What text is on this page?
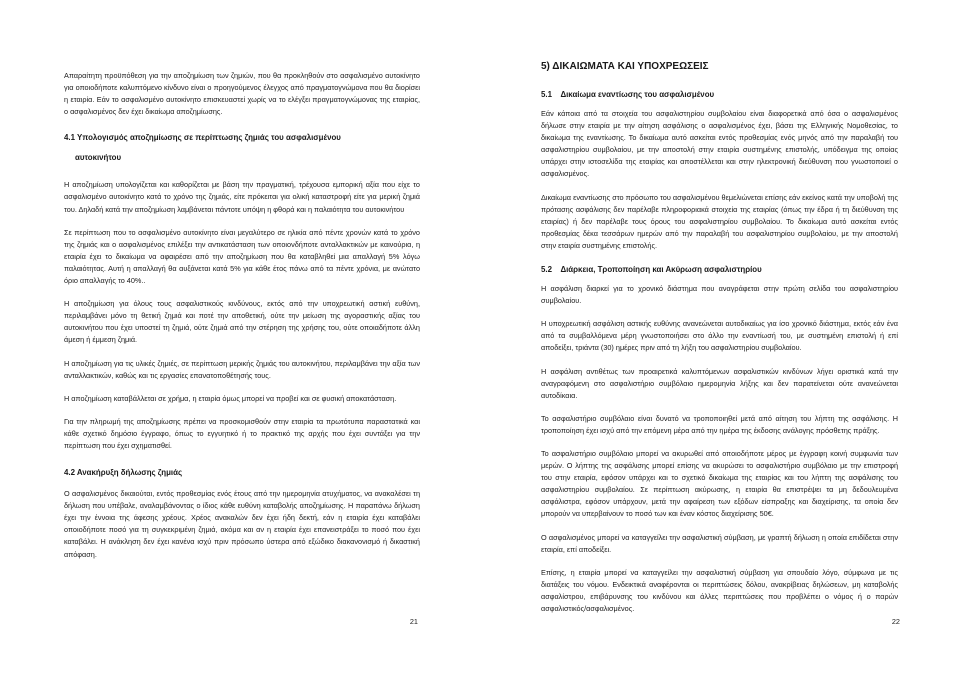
Απαραίτητη προϋπόθεση για την αποζημίωση των ζημιών, που θα προκληθούν στο ασφαλισμένο αυτοκίνητο για οποιοδήποτε καλυπτόμενο κίνδυνο είναι ο προηγούμενος έλεγχος από πραγματογνώμονα που θα διορίσει η εταιρία. Εάν το ασφαλισμένο αυτοκίνητο επισκευαστεί χωρίς να το ελέγξει πραγματογνώμονας της εταιρίας, ο ασφαλισμένος δεν έχει δικαίωμα αποζημίωσης.

4.1 Υπολογισμός αποζημίωσης σε περίπτωσης ζημιάς του ασφαλισμένου
αυτοκινήτου

Η αποζημίωση υπολογίζεται και καθορίζεται με βάση την πραγματική, τρέχουσα εμπορική αξία που είχε το ασφαλισμένο αυτοκίνητο κατά το χρόνο της ζημιάς, είτε πρόκειται για ολική καταστροφή είτε για μερική ζημιά του. Δηλαδή κατά την αποζημίωση λαμβάνεται πάντοτε υπόψη η φθορά και η παλαιότητα του αυτοκινήτου

Σε περίπτωση που το ασφαλισμένο αυτοκίνητο είναι μεγαλύτερο σε ηλικία από πέντε χρονών κατά το χρόνο της ζημιάς και ο ασφαλισμένος επιλέξει την αντικατάσταση των οποιονδήποτε ανταλλακτικών με καινούρια, η εταιρία έχει το δικαίωμα να αφαιρέσει από την αποζημίωση που θα καταβληθεί μια απαλλαγή 5% λόγω παλαιότητας. Αυτή η απαλλαγή θα αυξάνεται κατά 5% για κάθε έτος πάνω από τα πέντε χρόνια, με ανώτατο όριο απαλλαγής το 40%..

Η αποζημίωση για όλους τους ασφαλιστικούς κινδύνους, εκτός από την υποχρεωτική αστική ευθύνη, περιλαμβάνει μόνο τη θετική ζημιά και ποτέ την αποθετική, ούτε την μείωση της αγοραστικής αξίας του αυτοκινήτου που έχει υποστεί τη ζημιά, ούτε ζημιά από την στέρηση της χρήσης του, ούτε οποιαδήποτε άλλη άμεση ή έμμεση ζημιά.

Η αποζημίωση για τις υλικές ζημιές, σε περίπτωση μερικής ζημιάς του αυτοκινήτου, περιλαμβάνει την αξία των ανταλλακτικών, καθώς και τις εργασίες επανατοποθέτησής τους.

Η αποζημίωση καταβάλλεται σε χρήμα, η εταιρία όμως μπορεί να προβεί και σε φυσική αποκατάσταση.

Για την πληρωμή της αποζημίωσης πρέπει να προσκομισθούν στην εταιρία τα πρωτότυπα παραστατικά και κάθε σχετικό δημόσιο έγγραφο, όπως το εγγυητικό ή το πρακτικό της αρχής που έχει συντάξει για την περίπτωση που έχει σχηματισθεί.

4.2 Ανακήρυξη δήλωσης ζημιάς

Ο ασφαλισμένος δικαιούται, εντός προθεσμίας ενός έτους από την ημερομηνία ατυχήματος, να ανακαλέσει τη δήλωση που υπέβαλε, αναλαμβάνοντας ο ίδιος κάθε ευθύνη καταβολής αποζημίωσης. Η παραπάνω δήλωση έχει την έννοια της άφεσης χρέους. Χρέος ανακαλών δεν έχει ήδη δεκτή, εάν η εταιρία έχει καταβάλει οποιοδήποτε ποσό για τη συγκεκριμένη ζημιά, ακόμα και αν η εταιρία έχει επανειστράξει το ποσό που έχει καταβάλει. Η ανάκληση δεν έχει κανένα ισχύ πριν πρόσωπο ύστερα από εξώδικο διακανονισμό ή δικαστική απόφαση.

21
5) ΔΙΚΑΙΩΜΑΤΑ ΚΑΙ ΥΠΟΧΡΕΩΣΕΙΣ
5.1    Δικαίωμα εναντίωσης του ασφαλισμένου

Εάν κάποια από τα στοιχεία του ασφαλιστηρίου συμβολαίου είναι διαφορετικά από όσα ο ασφαλισμένος δήλωσε στην εταιρία με την αίτηση ασφάλισης ο ασφαλισμένος έχει, βάσει της Ελληνικής Νομοθεσίας, το δικαίωμα της εναντίωσης. Το δικαίωμα αυτό ασκείται εντός προθεσμίας ενός μηνός από την παραλαβή του ασφαλιστηρίου συμβολαίου, με την αποστολή στην εταιρία συστημένης επιστολής, υπόδειγμα της οποίας υπάρχει στην ιστοσελίδα της εταιρίας και αποστέλλεται και στην ηλεκτρονική διεύθυνση που γνωστοποιεί ο ασφαλισμένος.

Δικαίωμα εναντίωσης στο πρόσωπο του ασφαλισμένου θεμελιώνεται επίσης εάν εκείνος κατά την υποβολή της πρότασης ασφάλισης δεν παρέλαβε πληροφοριακά στοιχεία της εταιρίας (όπως την έδρα ή τη διεύθυνση της εταιρίας) ή δεν παρέλαβε τους όρους του ασφαλιστηρίου συμβολαίου. Το δικαίωμα αυτό ασκείται εντός προθεσμίας δέκα τεσσάρων ημερών από την παραλαβή του ασφαλιστηρίου συμβολαίου, με την αποστολή στην εταιρία συστημένης επιστολής.

5.2    Διάρκεια, Τροποποίηση και Ακύρωση ασφαλιστηρίου

Η ασφάλιση διαρκεί για το χρονικό διάστημα που αναγράφεται στην πρώτη σελίδα του ασφαλιστηρίου συμβολαίου.

Η υποχρεωτική ασφάλιση αστικής ευθύνης ανανεώνεται αυτοδικαίως για ίσο χρονικό διάστημα, εκτός εάν ένα από τα συμβαλλόμενα μέρη γνωστοποιήσει στο άλλο την εναντίωσή του, με συστημένη επιστολή ή επί αποδείξει, τριάντα (30) ημέρες πριν από τη λήξη του ασφαλιστηρίου συμβολαίου.

Η ασφάλιση αντιθέτως των προαιρετικά καλυπτόμενων ασφαλιστικών κινδύνων λήγει οριστικά κατά την αναγραφόμενη στο ασφαλιστήριο συμβόλαιο ημερομηνία λήξης και δεν παρατείνεται ούτε ανανεώνεται αυτοδίκαια.

Το ασφαλιστήριο συμβόλαιο είναι δυνατό να τροποποιηθεί μετά από αίτηση του λήπτη της ασφάλισης. Η τροποποίηση έχει ισχύ από την επόμενη μέρα από την ημέρα της έκδοσης ανάλογης πρόσθετης πράξης.

Το ασφαλιστήριο συμβόλαιο μπορεί να ακυρωθεί από οποιοδήποτε μέρος με έγγραφη κοινή συμφωνία των μερών. Ο λήπτης της ασφάλισης μπορεί επίσης να ακυρώσει το ασφαλιστήριο συμβόλαιο με την επιστροφή του στην εταιρία, εφόσον υπάρχει και το σχετικό δικαίωμα της εταιρίας και του λήπτη της ασφάλισης του ασφαλιστηρίου συμβολαίου. Σε περίπτωση ακύρωσης, η εταιρία θα επιστρέψει τα μη δεδουλευμένα ασφάλιστρα, εφόσον υπάρχουν, μετά την αφαίρεση των εξόδων είσπραξης και διαχείρισης, τα οποία δεν μπορούν να υπερβαίνουν το ποσό των και έναν κόστος διαχείρισης 50€.

Ο ασφαλισμένος μπορεί να καταγγείλει την ασφαλιστική σύμβαση, με γραπτή δήλωση η οποία επιδίδεται στην εταιρία, επί αποδείξει.

Επίσης, η εταιρία μπορεί να καταγγείλει την ασφαλιστική σύμβαση για σπουδαίο λόγο, σύμφωνα με τις διατάξεις του νόμου. Ενδεικτικά αναφέρονται οι περιπτώσεις δόλου, ανακρίβειας δηλώσεων, μη καταβολής ασφαλίστρου, επιβάρυνσης του κινδύνου και άλλες περιπτώσεις που προβλέπει ο νόμος ή ο παρών ασφαλιστικός/ασφαλισμένος.

22
